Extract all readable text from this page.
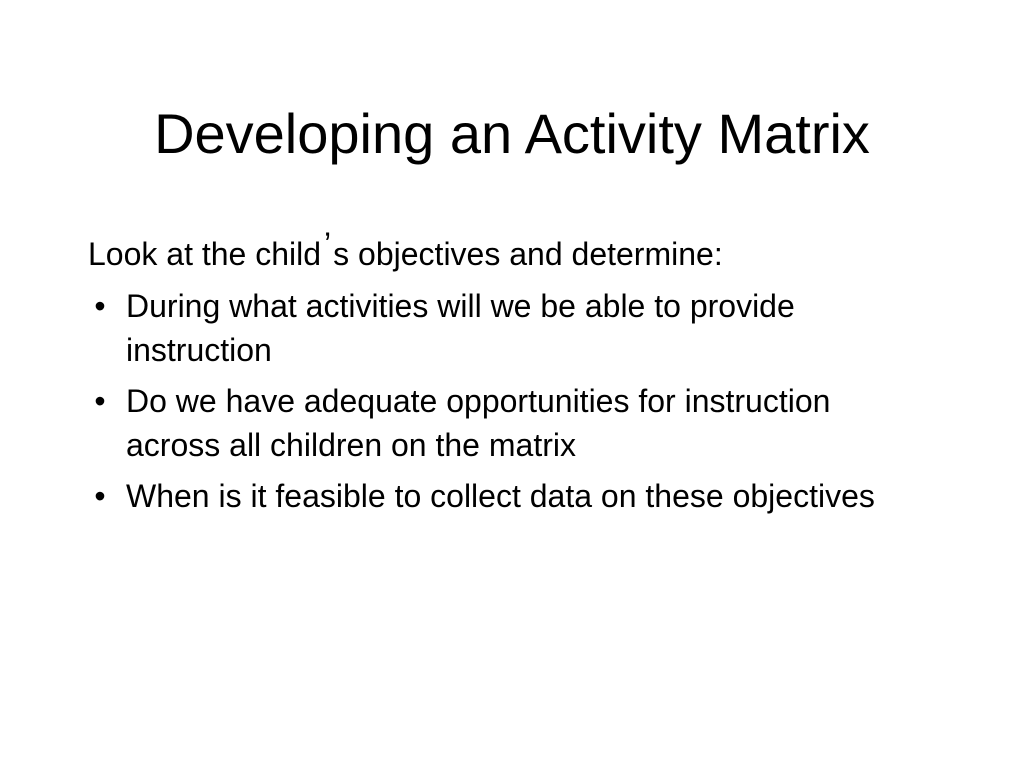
Developing an Activity Matrix

Look at the child’s objectives and determine:

• During what activities will we be able to provide instruction
• Do we have adequate opportunities for instruction across all children on the matrix
• When is it feasible to collect data on these objectives
